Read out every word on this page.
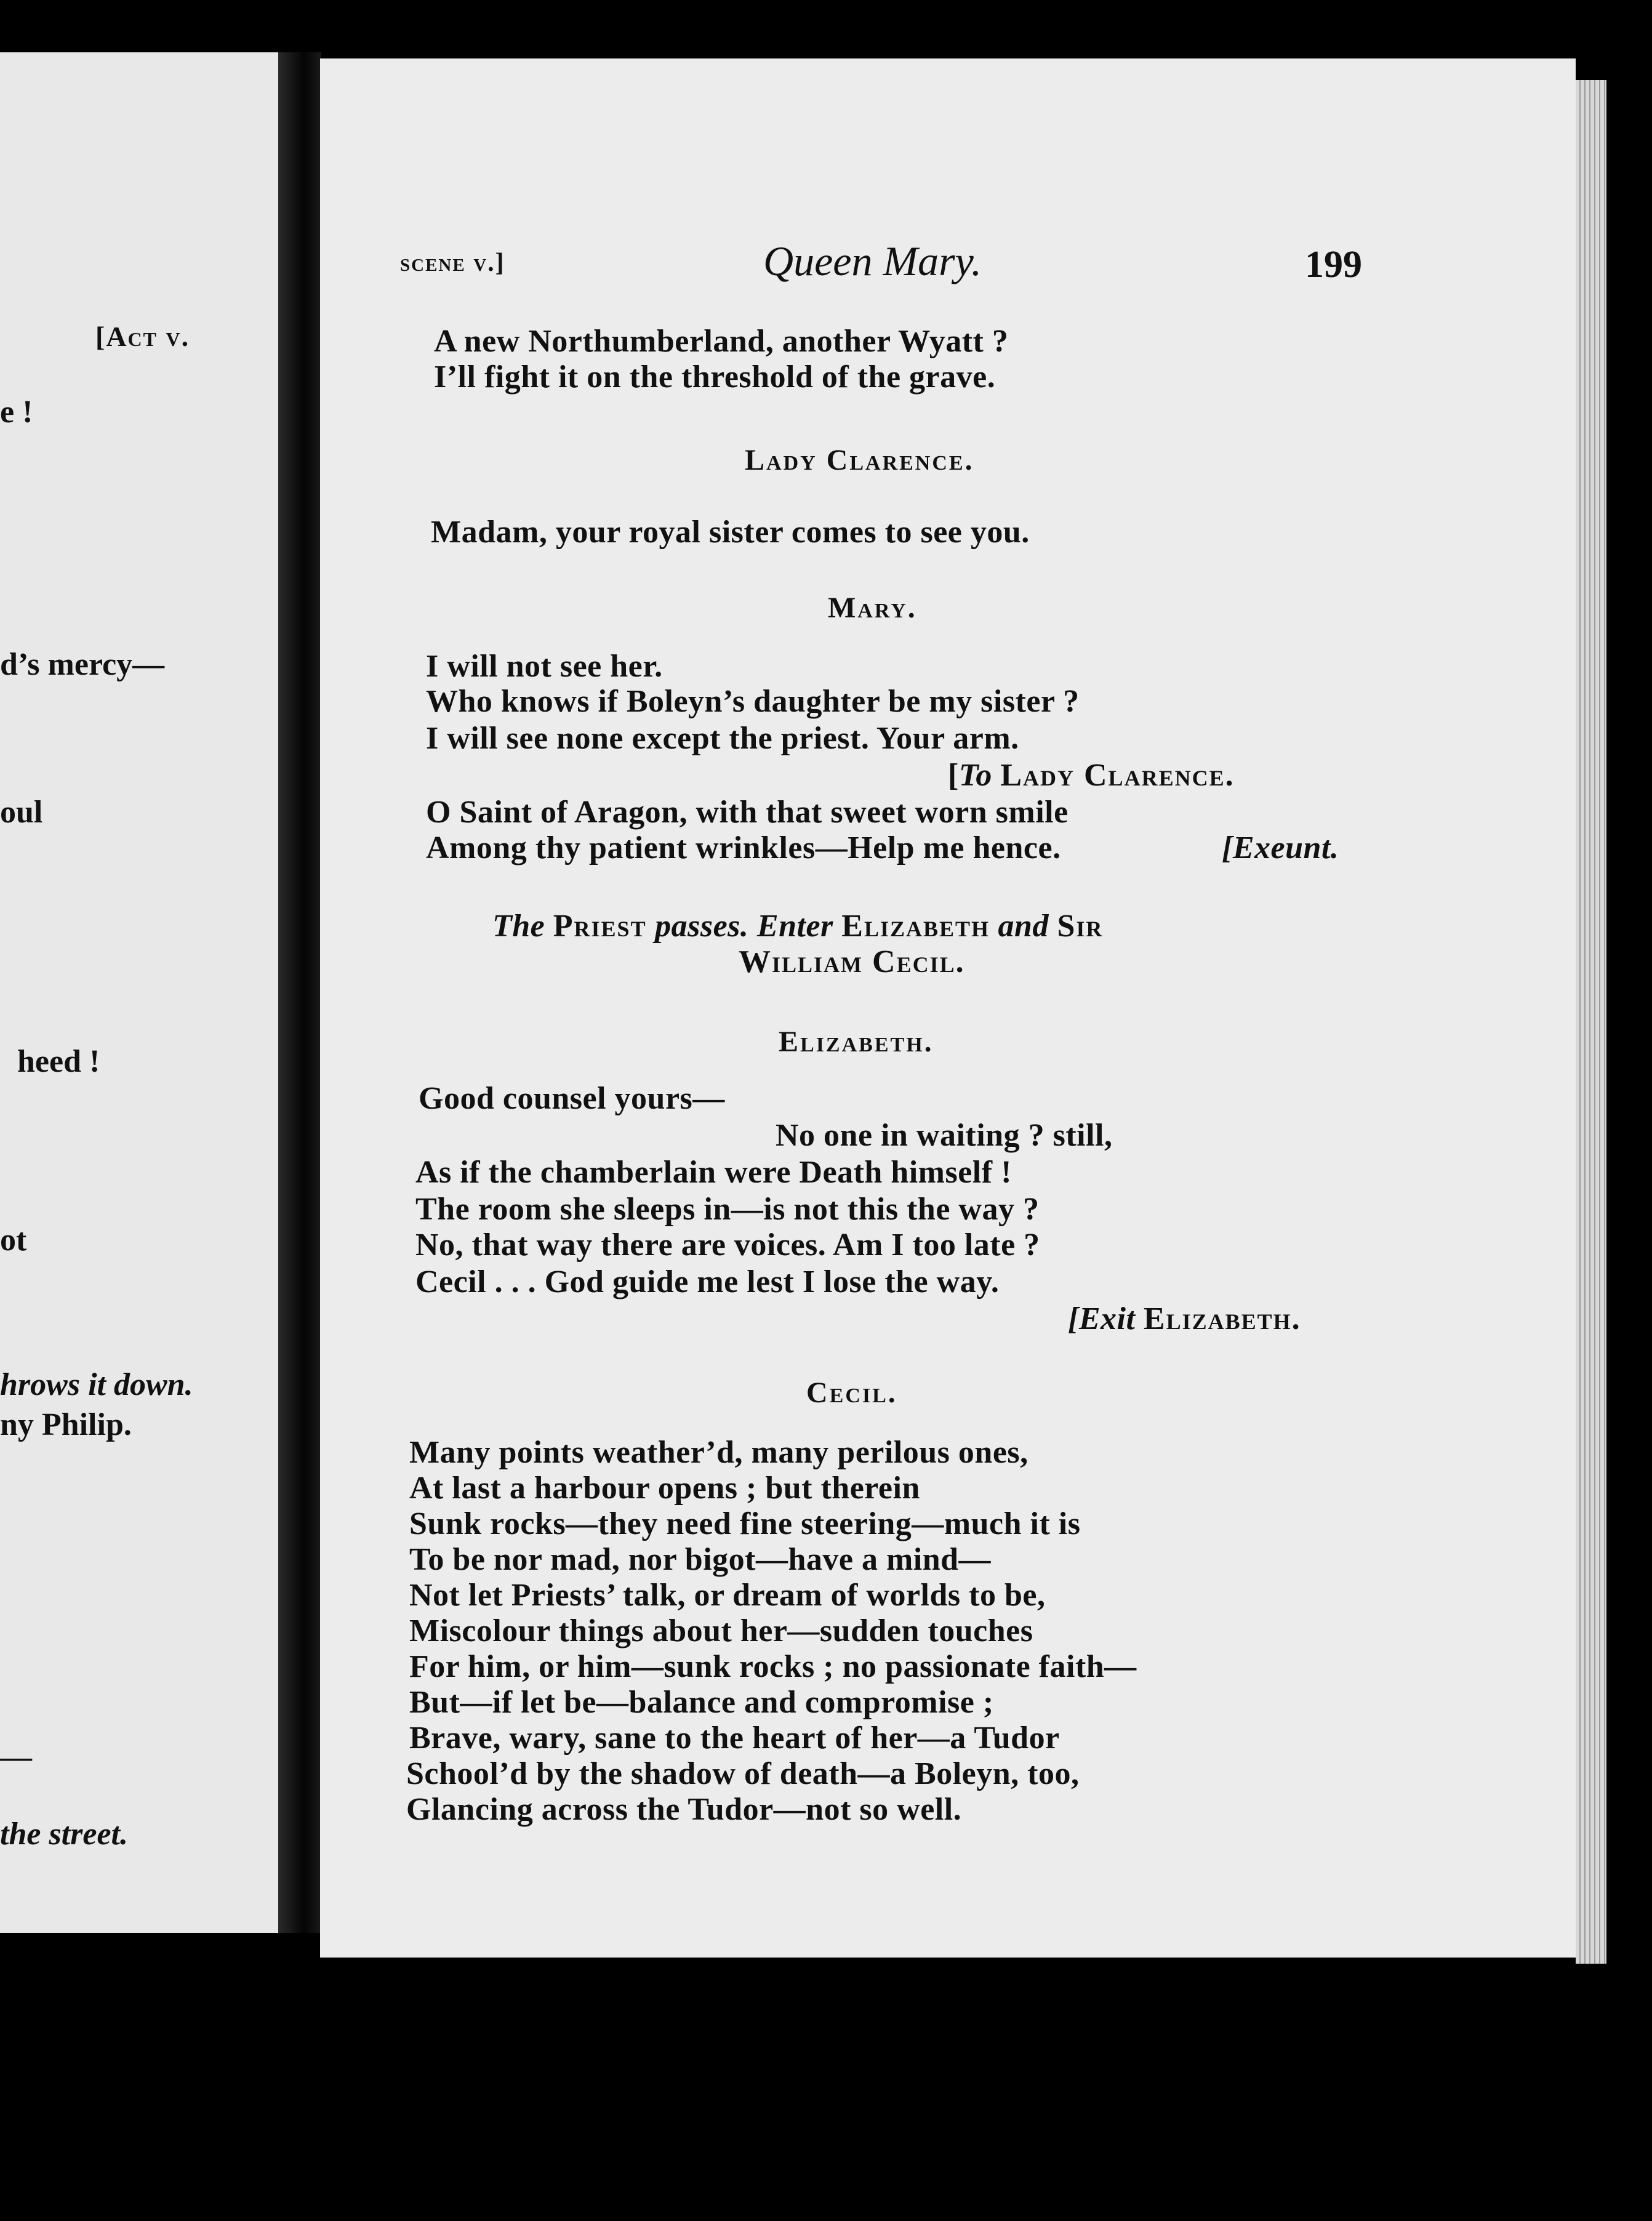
[Act v.
e !
d’s mercy—
oul
heed !
ot
hrows it down.
ny Philip.
—
the street.
scene v.]	Queen Mary.	199
A new Northumberland, another Wyatt ?
I’ll fight it on the threshold of the grave.
Lady Clarence.
Madam, your royal sister comes to see you.
Mary.
I will not see her.
Who knows if Boleyn’s daughter be my sister ?
I will see none except the priest. Your arm.
[To Lady Clarence.
O Saint of Aragon, with that sweet worn smile
Among thy patient wrinkles—Help me hence.	[Exeunt.
The Priest passes. Enter Elizabeth and Sir
William Cecil.
Elizabeth.
Good counsel yours—
No one in waiting ? still,
As if the chamberlain were Death himself !
The room she sleeps in—is not this the way ?
No, that way there are voices. Am I too late ?
Cecil . . . God guide me lest I lose the way.
[Exit Elizabeth.
Cecil.
Many points weather’d, many perilous ones,
At last a harbour opens ; but therein
Sunk rocks—they need fine steering—much it is
To be nor mad, nor bigot—have a mind—
Not let Priests’ talk, or dream of worlds to be,
Miscolour things about her—sudden touches
For him, or him—sunk rocks ; no passionate faith—
But—if let be—balance and compromise ;
Brave, wary, sane to the heart of her—a Tudor
School’d by the shadow of death—a Boleyn, too,
Glancing across the Tudor—not so well.
